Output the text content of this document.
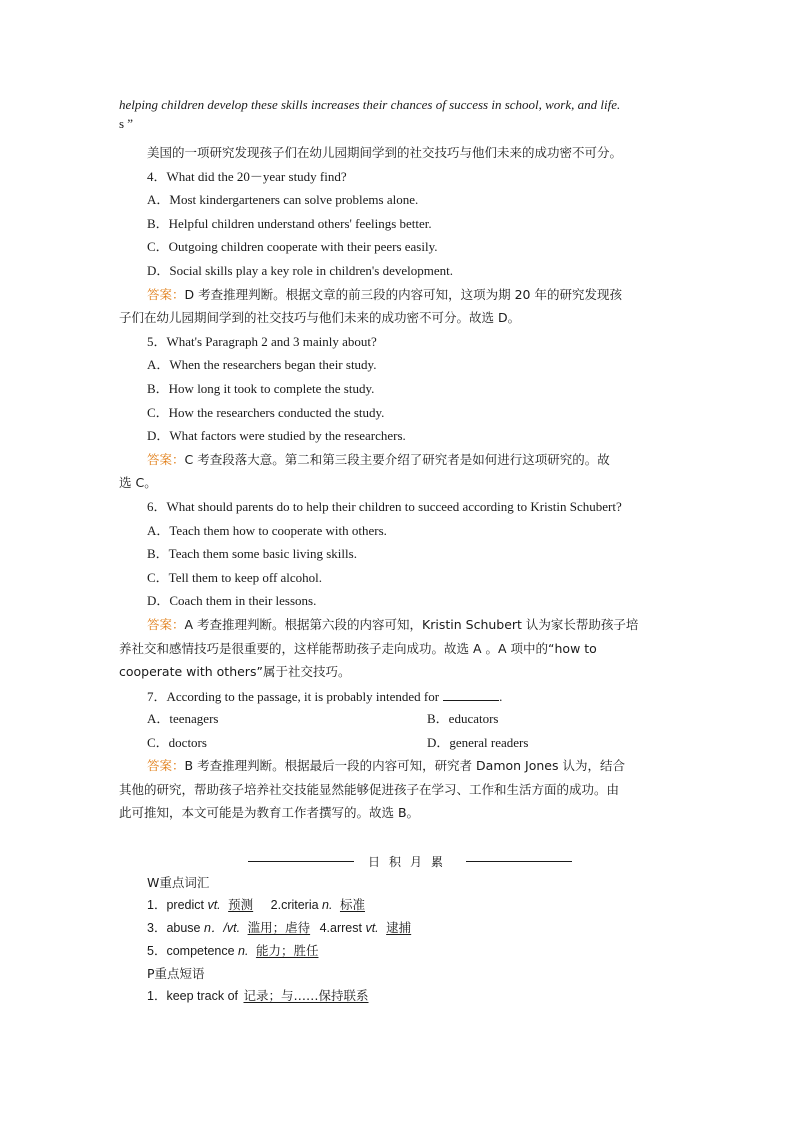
helping children develop these skills increases their chances of success in school, work, and life.
s ”
美国的一项研究发现孩子们在幼儿园期间学到的社交技巧与他们未来的成功密不可分。
4．What did the 20－year study find?
A．Most kindergarteners can solve problems alone.
B．Helpful children understand others' feelings better.
C．Outgoing children cooperate with their peers easily.
D．Social skills play a key role in children's development.
答案：D 考查推理判断。根据文章的前三段的内容可知，这项为期 20 年的研究发现孩
子们在幼儿园期间学到的社交技巧与他们未来的成功密不可分。故选 D。
5．What's Paragraph 2 and 3 mainly about?
A．When the researchers began their study.
B．How long it took to complete the study.
C．How the researchers conducted the study.
D．What factors were studied by the researchers.
答案：C 考查段落大意。第二和第三段主要介绍了研究者是如何进行这项研究的。故
选 C。
6．What should parents do to help their children to succeed according to Kristin Schubert?
A．Teach them how to cooperate with others.
B．Teach them some basic living skills.
C．Tell them to keep off alcohol.
D．Coach them in their lessons.
答案：A 考查推理判断。根据第六段的内容可知，Kristin Schubert 认为家长帮助孩子培
养社交和感情技巧是很重要的，这样能帮助孩子走向成功。故选 A 。A 项中的“how to
cooperate with others”属于社交技巧。
7．According to the passage, it is probably intended for	.
A．teenagers	B．educators
C．doctors	D．general readers
答案：B 考查推理判断。根据最后一段的内容可知，研究者 Damon Jones 认为，结合
其他的研究，帮助孩子培养社交技能显然能够促进孩子在学习、工作和生活方面的成功。由
此可推知，本文可能是为教育工作者撰写的。故选 B。
日积月累
W重点词汇
1．predict vt. 预测 2.criteria n. 标准
3．abuse n．/vt. 滥用；虐待 4.arrest vt. 逮捕
5．competence n. 能力；胜任
P重点短语
1．keep track of 记录；与……保持联系
